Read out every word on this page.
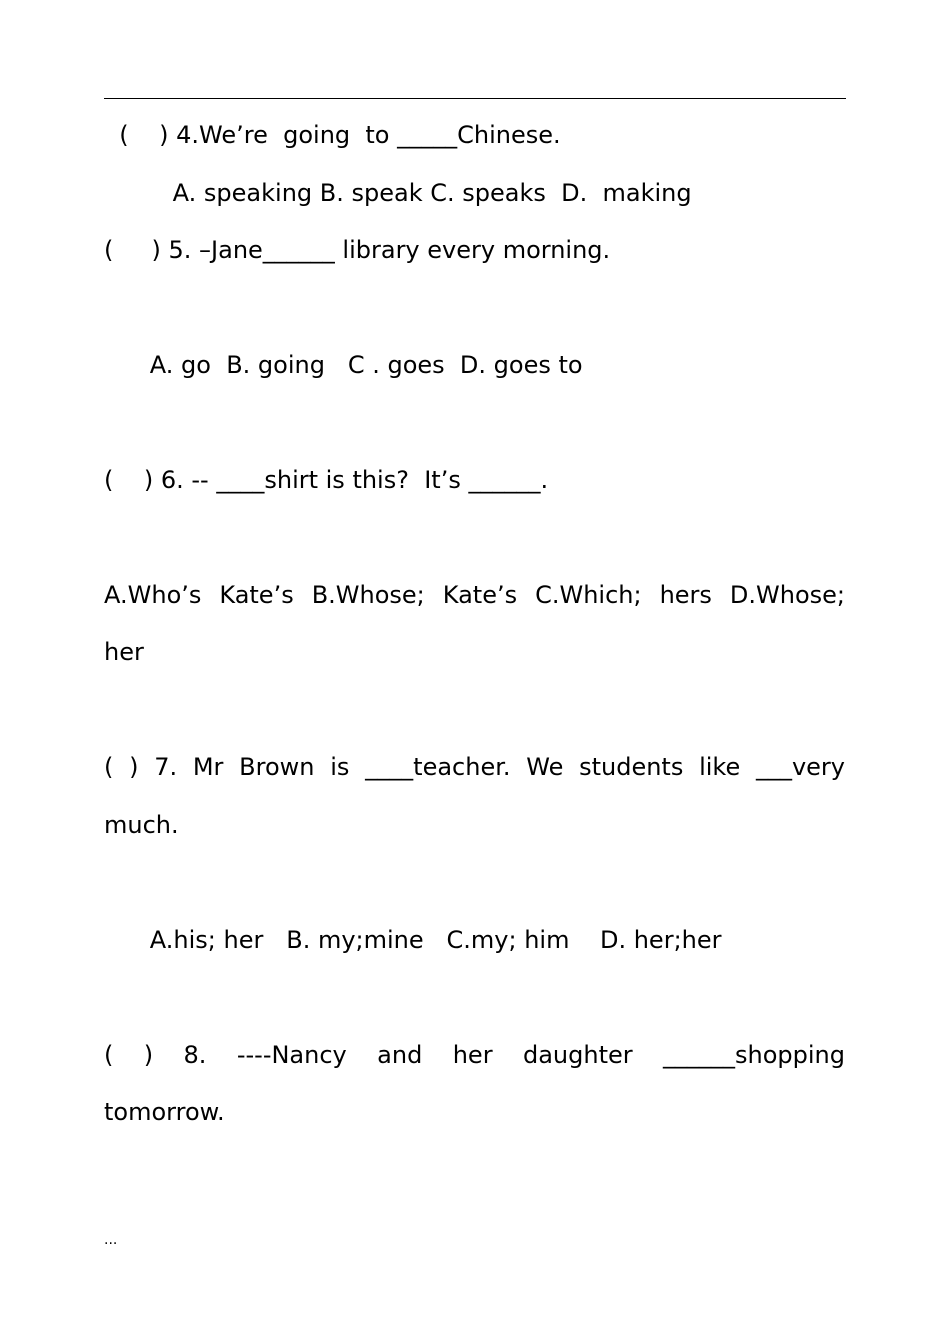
(    ) 4.We’re  going  to _____Chinese.
A. speaking B. speak C. speaks  D.  making
(     ) 5. –Jane______ library every morning.
A. go  B. going   C . goes  D. goes to
(    ) 6. -- ____shirt is this?  It’s ______.
A.Who’s Kate’s B.Whose; Kate’s C.Which; hers D.Whose;
her
( ) 7. Mr Brown is ____teacher. We students like ___very
much.
A.his; her   B. my;mine   C.my; him    D. her;her
( ) 8. ----Nancy and her daughter ______shopping
tomorrow.
...
